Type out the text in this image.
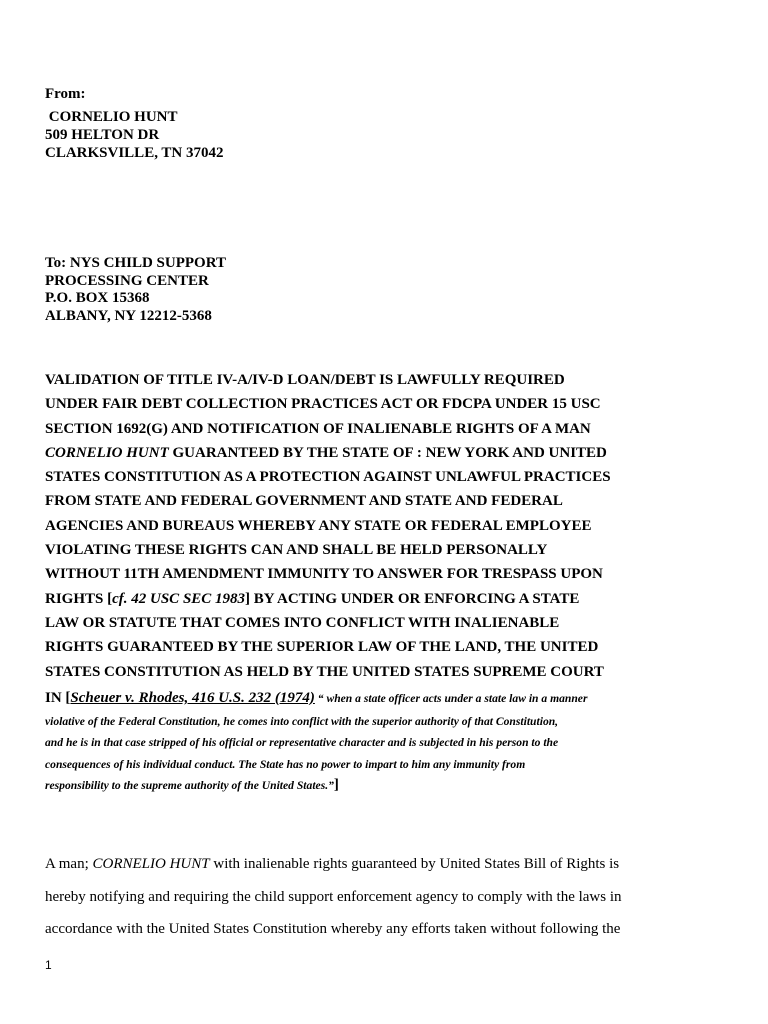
From:
CORNELIO HUNT
509 HELTON DR
CLARKSVILLE, TN 37042
To: NYS CHILD SUPPORT
PROCESSING CENTER
P.O. BOX 15368
ALBANY, NY 12212-5368
VALIDATION OF TITLE IV-A/IV-D LOAN/DEBT IS LAWFULLY REQUIRED
UNDER FAIR DEBT COLLECTION PRACTICES ACT OR FDCPA UNDER 15 USC
SECTION 1692(G) AND NOTIFICATION OF INALIENABLE RIGHTS OF A MAN
CORNELIO HUNT GUARANTEED BY THE STATE OF : NEW YORK AND UNITED
STATES CONSTITUTION AS A PROTECTION AGAINST UNLAWFUL PRACTICES
FROM STATE AND FEDERAL GOVERNMENT AND STATE AND FEDERAL
AGENCIES AND BUREAUS WHEREBY ANY STATE OR FEDERAL EMPLOYEE
VIOLATING THESE RIGHTS CAN AND SHALL BE HELD PERSONALLY
WITHOUT 11TH AMENDMENT IMMUNITY TO ANSWER FOR TRESPASS UPON
RIGHTS [cf. 42 USC SEC 1983] BY ACTING UNDER OR ENFORCING A STATE
LAW OR STATUTE THAT COMES INTO CONFLICT WITH INALIENABLE
RIGHTS GUARANTEED BY THE SUPERIOR LAW OF THE LAND, THE UNITED
STATES CONSTITUTION AS HELD BY THE UNITED STATES SUPREME COURT
IN [Scheuer v. Rhodes, 416 U.S. 232 (1974) “ when a state officer acts under a state law in a manner
violative of the Federal Constitution, he comes into conflict with the superior authority of that Constitution,
and he is in that case stripped of his official or representative character and is subjected in his person to the
consequences of his individual conduct. The State has no power to impart to him any immunity from
responsibility to the supreme authority of the United States.”]
A man; CORNELIO HUNT with inalienable rights guaranteed by United States Bill of Rights is
hereby notifying and requiring the child support enforcement agency to comply with the laws in
accordance with the United States Constitution whereby any efforts taken without following the
1
